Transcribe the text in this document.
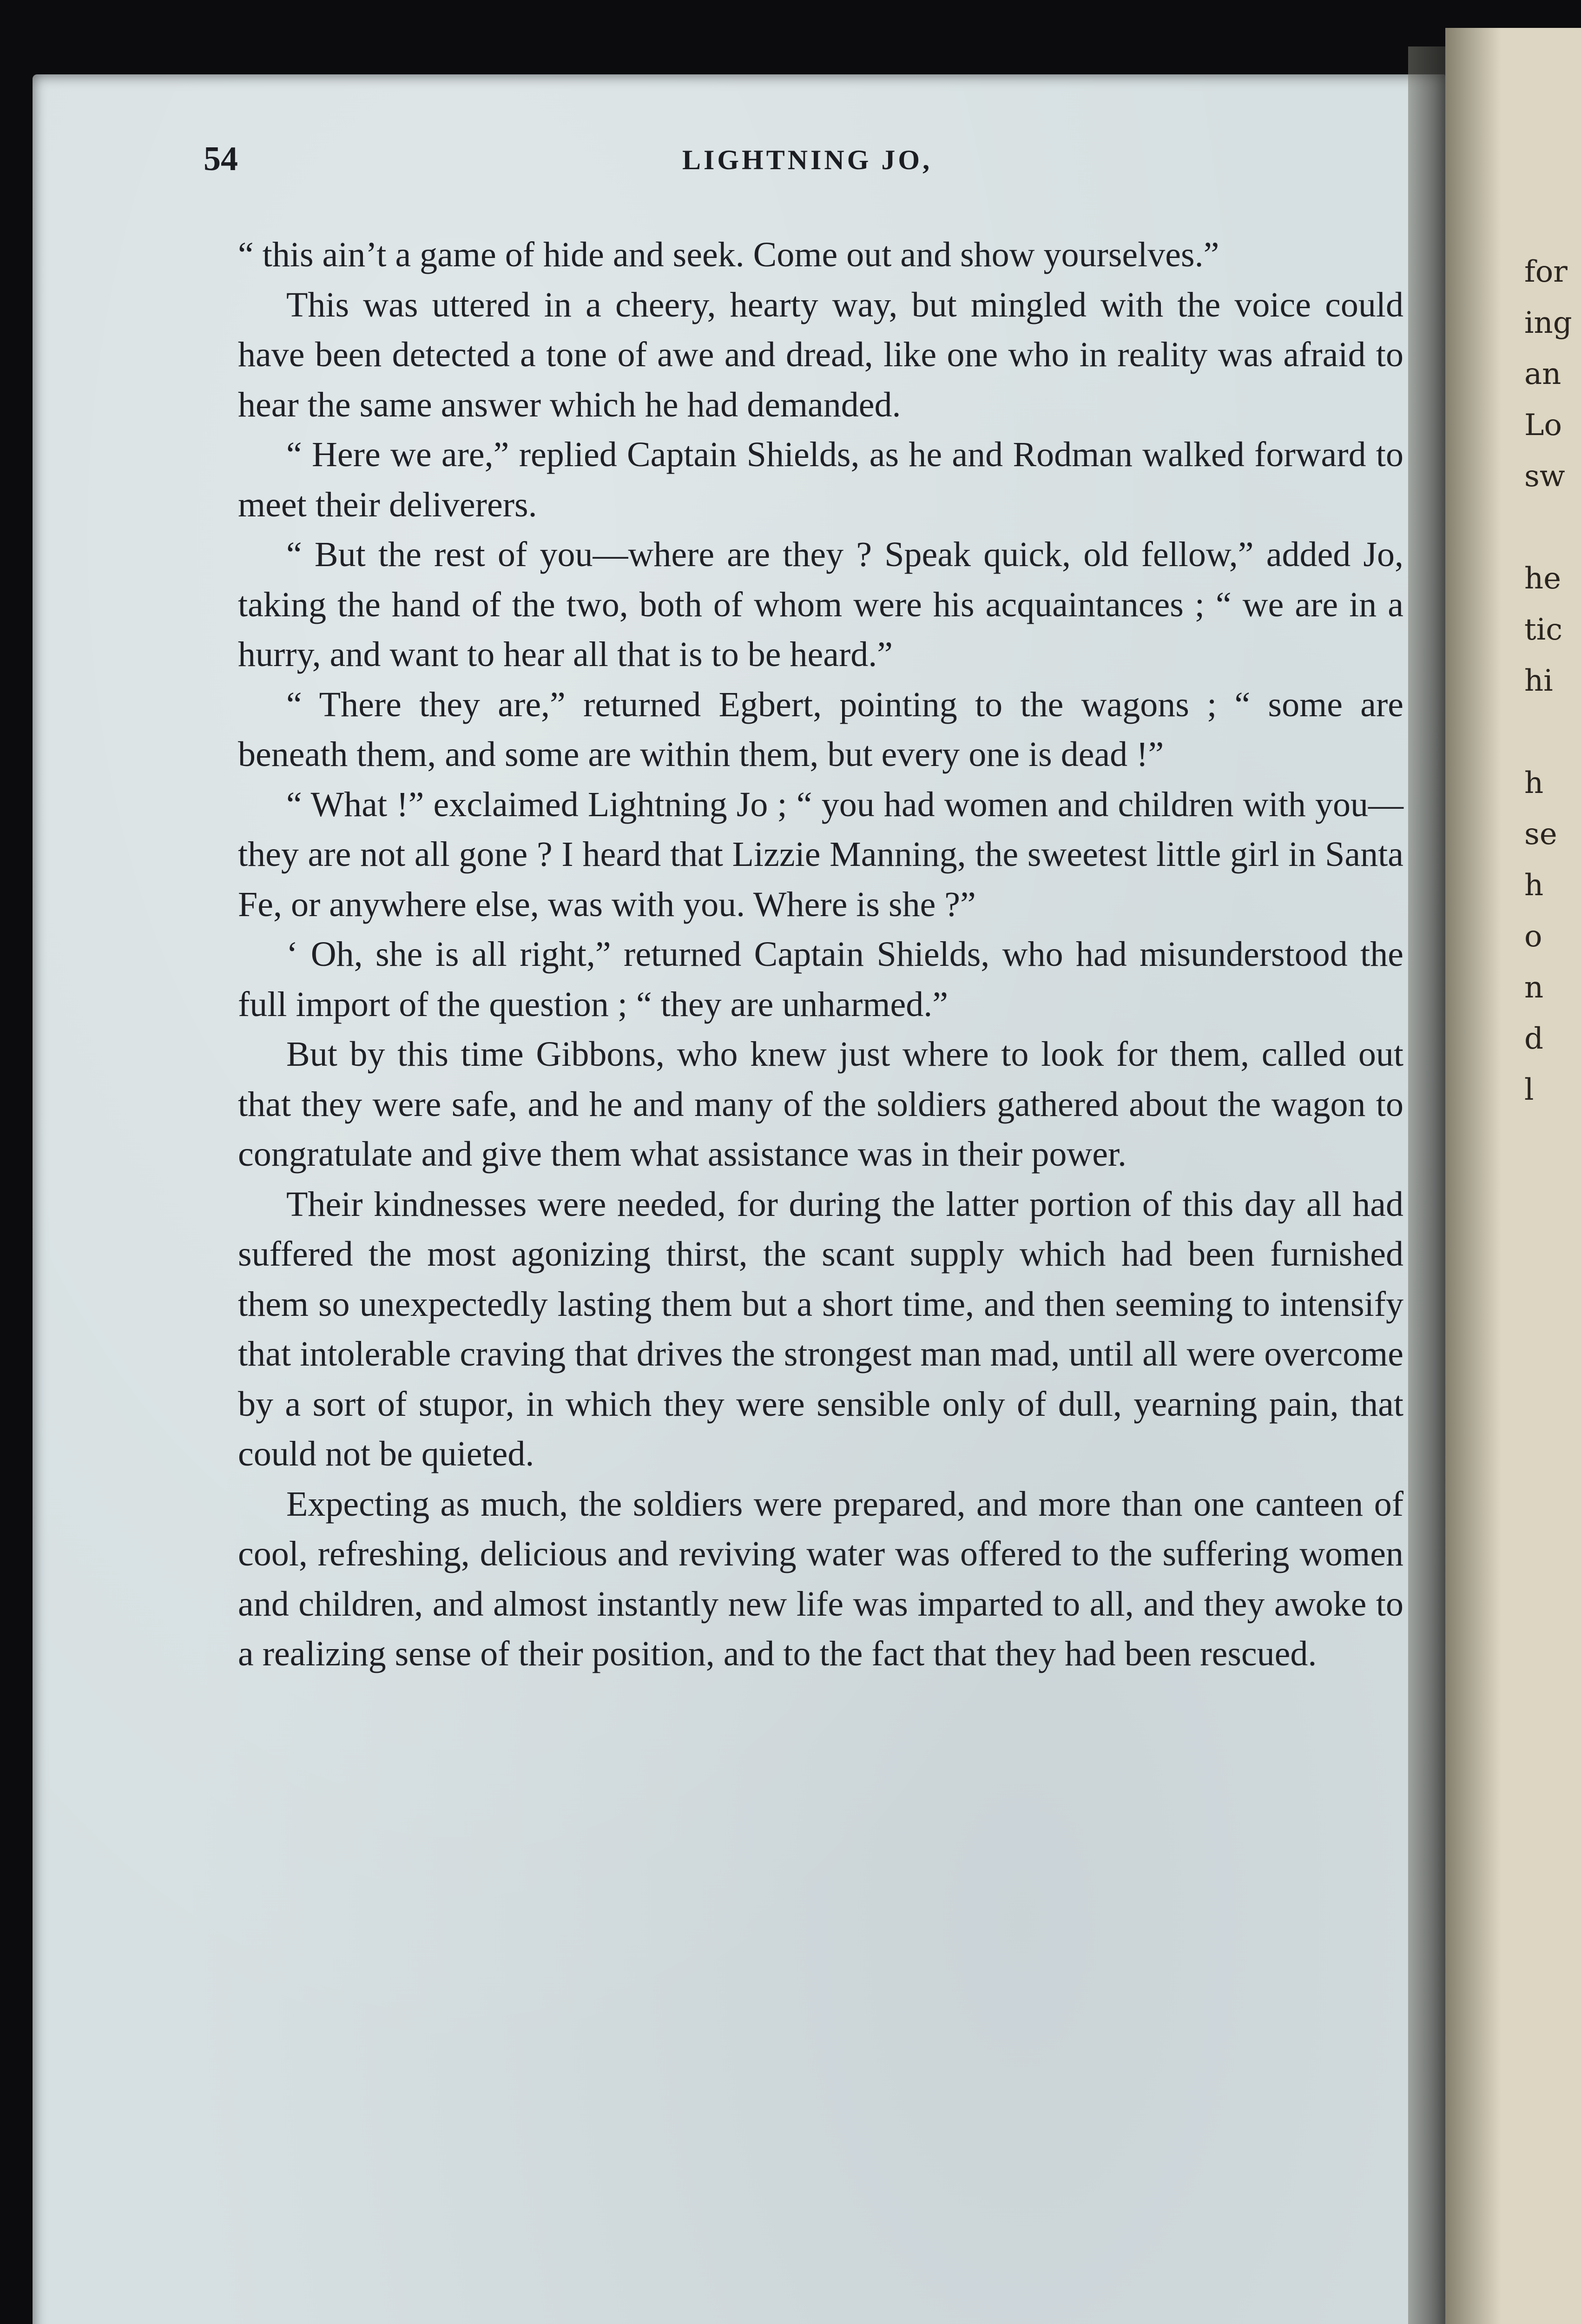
for
ing
an
Lo
sw
he
tic
hi
h
se
h
o
n
d
l
54	LIGHTNING JO,

“ this ain’t a game of hide and seek. Come out and show yourselves.”

This was uttered in a cheery, hearty way, but mingled with the voice could have been detected a tone of awe and dread, like one who in reality was afraid to hear the same answer which he had demanded.

“ Here we are,” replied Captain Shields, as he and Rodman walked forward to meet their deliverers.

“ But the rest of you—where are they ? Speak quick, old fellow,” added Jo, taking the hand of the two, both of whom were his acquaintances ; “ we are in a hurry, and want to hear all that is to be heard.”

“ There they are,” returned Egbert, pointing to the wagons ; “ some are beneath them, and some are within them, but every one is dead !”

“ What !” exclaimed Lightning Jo ; “ you had women and children with you—they are not all gone ? I heard that Lizzie Manning, the sweetest little girl in Santa Fe, or anywhere else, was with you. Where is she ?”

‘ Oh, she is all right,” returned Captain Shields, who had misunderstood the full import of the question ; “ they are unharmed.”

But by this time Gibbons, who knew just where to look for them, called out that they were safe, and he and many of the soldiers gathered about the wagon to congratulate and give them what assistance was in their power.

Their kindnesses were needed, for during the latter portion of this day all had suffered the most agonizing thirst, the scant supply which had been furnished them so unexpectedly lasting them but a short time, and then seeming to intensify that intolerable craving that drives the strongest man mad, until all were overcome by a sort of stupor, in which they were sensible only of dull, yearning pain, that could not be quieted.

Expecting as much, the soldiers were prepared, and more than one canteen of cool, refreshing, delicious and reviving water was offered to the suffering women and children, and almost instantly new life was imparted to all, and they awoke to a realizing sense of their position, and to the fact that they had been rescued.
